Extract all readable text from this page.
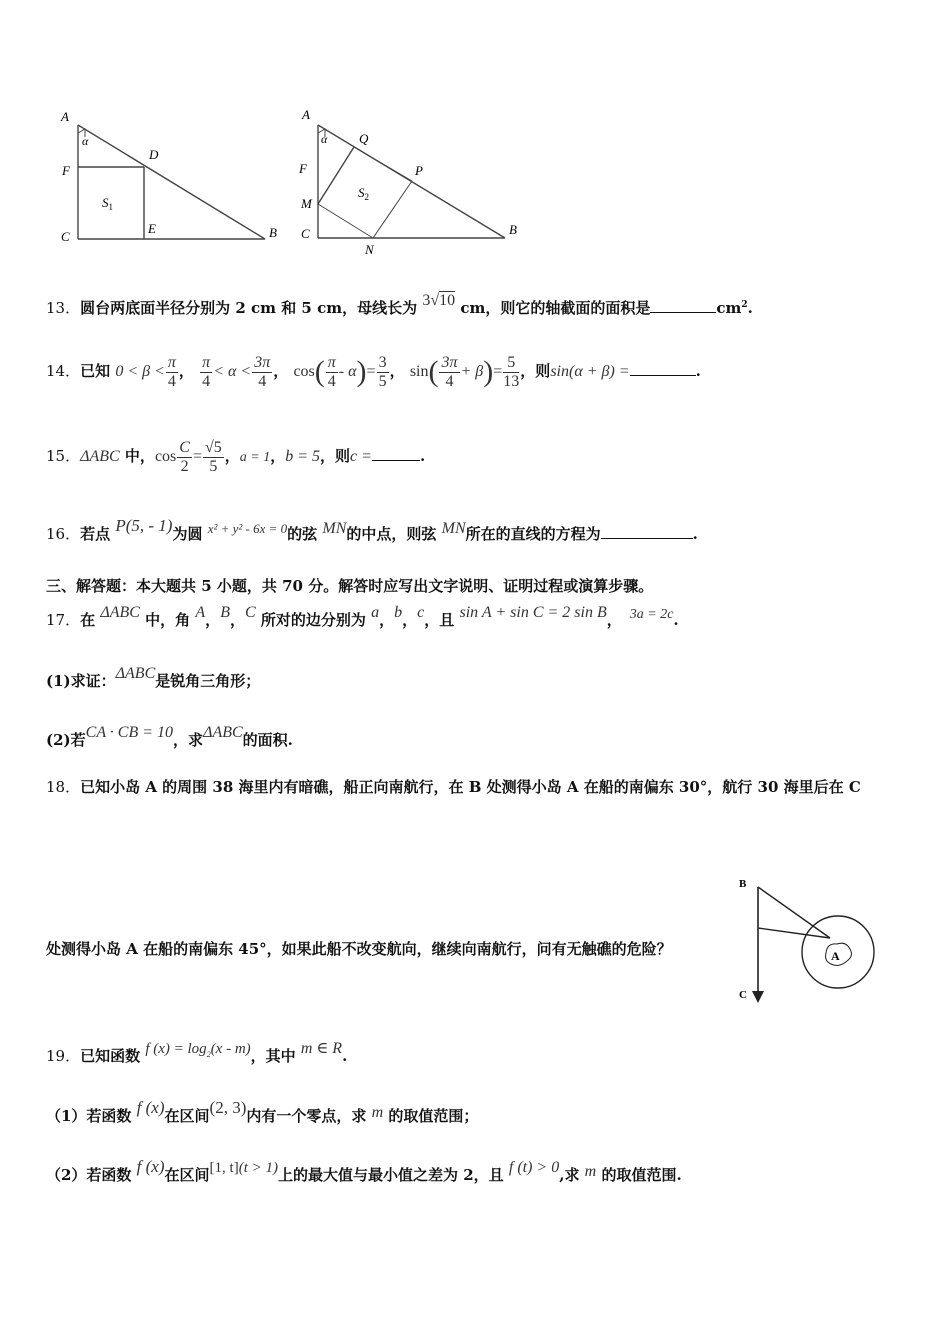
A
α
D
F
$S_1$
C
E	B
A
α Q
F	P
M
$S_2$
C
N
B
13．圆台两底面半径分别为 2 cm 和 5 cm，母线长为 3√10 cm，则它的轴截面的面积是	$cm^2$.
14．已知 $0 < \beta < \frac{\pi}{4}$ ， $\frac{\pi}{4} < \alpha < \frac{3\pi}{4}$ ， $\cos( \frac{\pi}{4} - \alpha)= \frac{3}{5}$ ， $\sin( \frac{3\pi}{4} + \beta)= \frac{5}{13}$ ，则sin(α + β) =	.
15．ΔABC 中，$\cos \frac{C}{2} = \frac{√5}{5}$ ，a = 1，b = 5，则c =	.
16．若点 P(5, - 1)为圆 x² + y² - 6x = 0的弦 MN的中点，则弦 MN所在的直线的方程为	.
三、解答题：本大题共 5 小题，共 70 分。解答时应写出文字说明、证明过程或演算步骤。
17．在 ΔABC 中，角 A，B，C 所对的边分别为 a，b，c，且 sin A + sin C = 2 sin B， 3a = 2c.
(1)求证：ΔABC是锐角三角形；
(2)若CA · CB = 10，求ΔABC的面积.
18．已知小岛 A 的周围 38 海里内有暗礁，船正向南航行，在 B 处测得小岛 A 在船的南偏东 30°，航行 30 海里后在 C
B
C
A
处测得小岛 A 在船的南偏东 45°，如果此船不改变航向，继续向南航行，问有无触礁的危险？
19．已知函数 f $(x) = \log_2(x - m)$，其中 m ∈ R.
（1）若函数 f (x)在区间(2, 3)内有一个零点，求 m 的取值范围；
（2）若函数 f (x)在区间[1, t](t > 1)上的最大值与最小值之差为 2，且 f (t) > 0,求 m 的取值范围.
